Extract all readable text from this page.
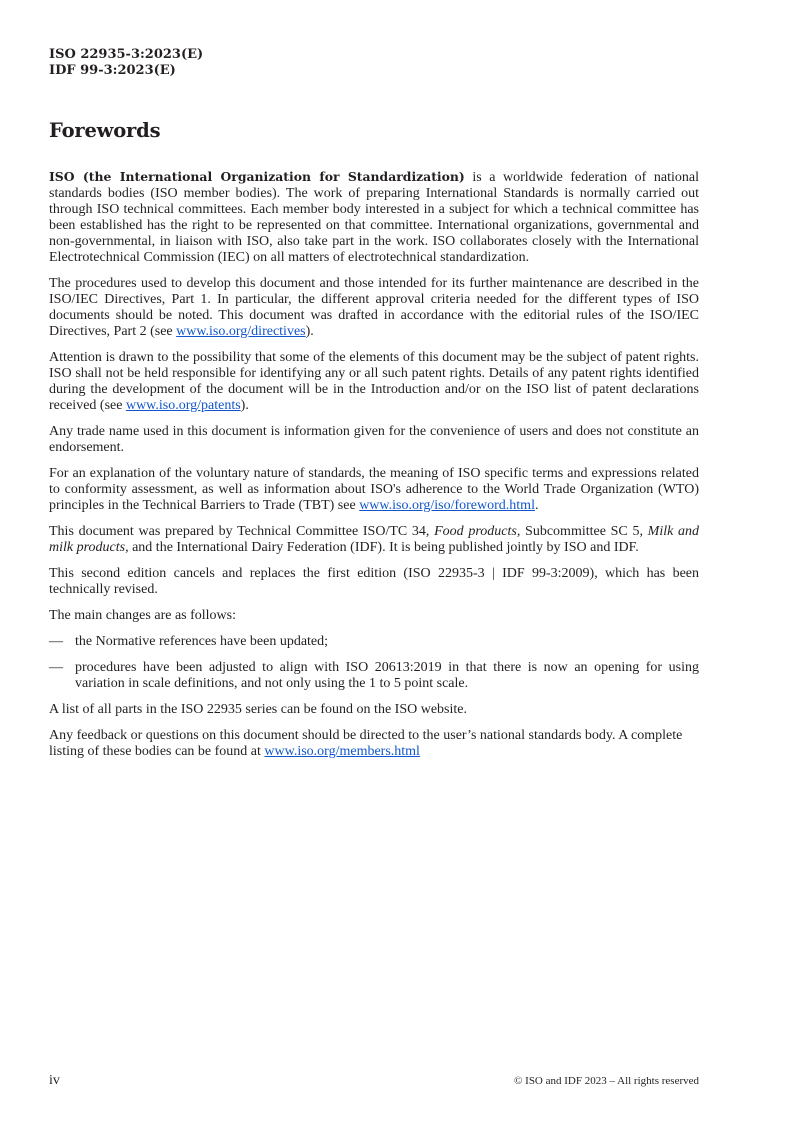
ISO 22935-3:2023(E)

IDF 99-3:2023(E)

Forewords

ISO (the International Organization for Standardization) is a worldwide federation of national standards bodies (ISO member bodies). The work of preparing International Standards is normally carried out through ISO technical committees. Each member body interested in a subject for which a technical committee has been established has the right to be represented on that committee. International organizations, governmental and non-governmental, in liaison with ISO, also take part in the work. ISO collaborates closely with the International Electrotechnical Commission (IEC) on all matters of electrotechnical standardization.

The procedures used to develop this document and those intended for its further maintenance are described in the ISO/IEC Directives, Part 1. In particular, the different approval criteria needed for the different types of ISO documents should be noted. This document was drafted in accordance with the editorial rules of the ISO/IEC Directives, Part 2 (see www.iso.org/directives).

Attention is drawn to the possibility that some of the elements of this document may be the subject of patent rights. ISO shall not be held responsible for identifying any or all such patent rights. Details of any patent rights identified during the development of the document will be in the Introduction and/or on the ISO list of patent declarations received (see www.iso.org/patents).

Any trade name used in this document is information given for the convenience of users and does not constitute an endorsement.

For an explanation of the voluntary nature of standards, the meaning of ISO specific terms and expressions related to conformity assessment, as well as information about ISO's adherence to the World Trade Organization (WTO) principles in the Technical Barriers to Trade (TBT) see www.iso.org/iso/foreword.html.

This document was prepared by Technical Committee ISO/TC 34, Food products, Subcommittee SC 5, Milk and milk products, and the International Dairy Federation (IDF). It is being published jointly by ISO and IDF.

This second edition cancels and replaces the first edition (ISO 22935-3 | IDF 99-3:2009), which has been technically revised.

The main changes are as follows:

— the Normative references have been updated;
— procedures have been adjusted to align with ISO 20613:2019 in that there is now an opening for using variation in scale definitions, and not only using the 1 to 5 point scale.

A list of all parts in the ISO 22935 series can be found on the ISO website.

Any feedback or questions on this document should be directed to the user’s national standards body. A complete listing of these bodies can be found at www.iso.org/members.html

iv	© ISO and IDF 2023 – All rights reserved
